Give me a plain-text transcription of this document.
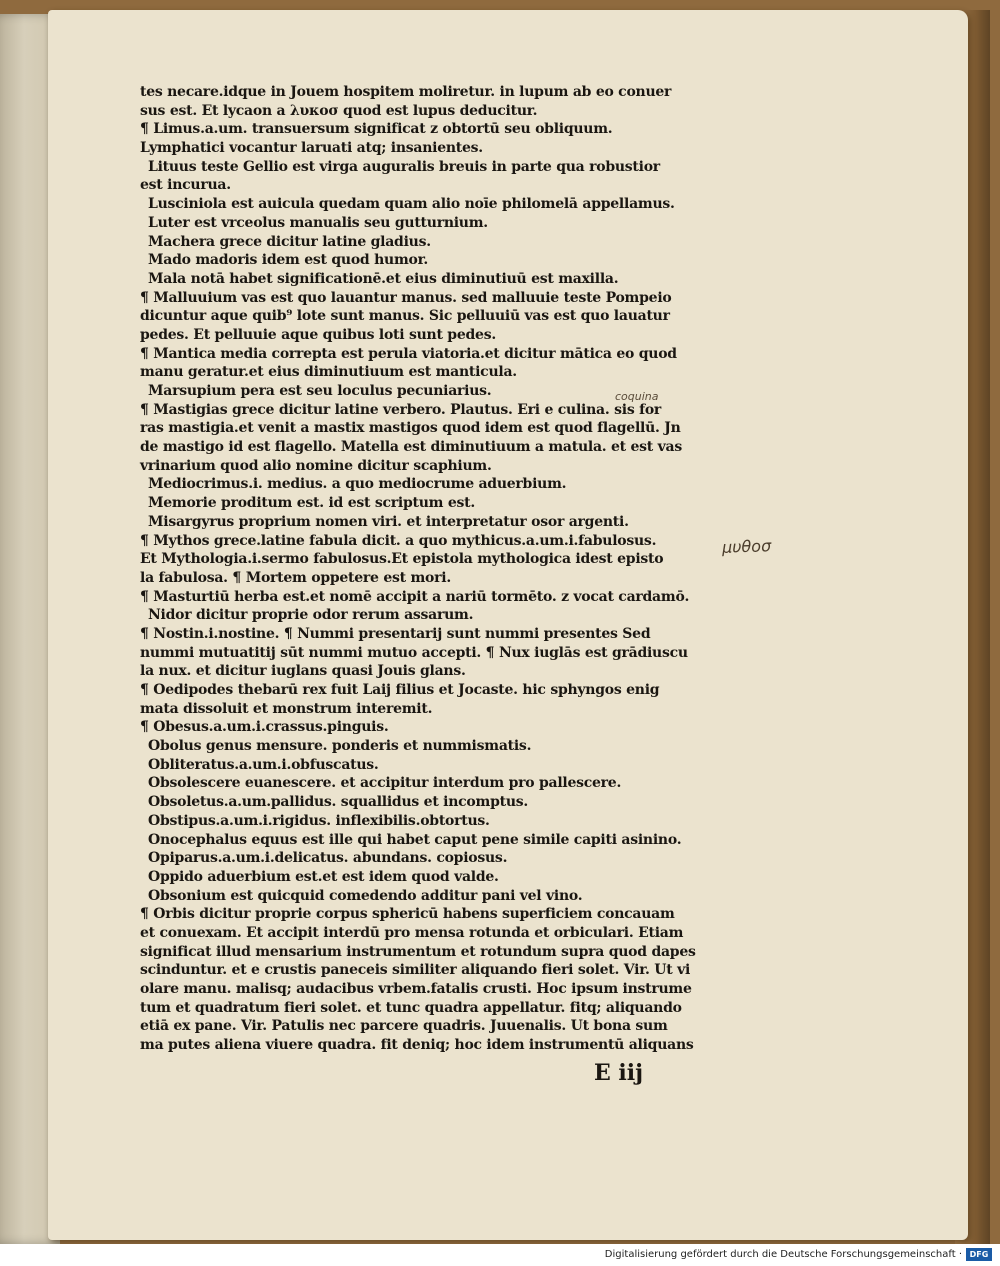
tes necare.idque in Jouem hospitem moliretur. in lupum ab eo conuer
sus est. Et lycaon a λυκοσ quod est lupus deducitur.
¶ Limus.a.um. transuersum significat z obtortū seu obliquum.
Lymphatici vocantur laruati atq; insanientes.
Lituus teste Gellio est virga auguralis breuis in parte qua robustior
est incurua.
Lusciniola est auicula quedam quam alio noīe philomelā appellamus.
Luter est vrceolus manualis seu gutturnium.
Machera grece dicitur latine gladius.
Mado madoris idem est quod humor.
Mala notā habet significationē.et eius diminutiuū est maxilla.
¶ Malluuium vas est quo lauantur manus. sed malluuie teste Pompeio
dicuntur aque quib⁹ lote sunt manus. Sic pelluuiū vas est quo lauatur
pedes. Et pelluuie aque quibus loti sunt pedes.
¶ Mantica media correpta est perula viatoria.et dicitur mātica eo quod
manu geratur.et eius diminutiuum est manticula.
Marsupium pera est seu loculus pecuniarius.
¶ Mastigias grece dicitur latine verbero. Plautus. Eri e culina. sis for
ras mastigia.et venit a mastix mastigos quod idem est quod flagellū. Jn
de mastigo id est flagello. Matella est diminutiuum a matula. et est vas
vrinarium quod alio nomine dicitur scaphium.
Mediocrimus.i. medius. a quo mediocrume aduerbium.
Memorie proditum est. id est scriptum est.
Misargyrus proprium nomen viri. et interpretatur osor argenti.
¶ Mythos grece.latine fabula dicit. a quo mythicus.a.um.i.fabulosus.
Et Mythologia.i.sermo fabulosus.Et epistola mythologica idest episto
la fabulosa. ¶ Mortem oppetere est mori.
¶ Masturtiū herba est.et nomē accipit a nariū tormēto. z vocat cardamō.
Nidor dicitur proprie odor rerum assarum.
¶ Nostin.i.nostine. ¶ Nummi presentarij sunt nummi presentes Sed
nummi mutuatitij sūt nummi mutuo accepti. ¶ Nux iuglās est grādiuscu
la nux. et dicitur iuglans quasi Jouis glans.
¶ Oedipodes thebarū rex fuit Laij filius et Jocaste. hic sphyngos enig
mata dissoluit et monstrum interemit.
¶ Obesus.a.um.i.crassus.pinguis.
Obolus genus mensure. ponderis et nummismatis.
Obliteratus.a.um.i.obfuscatus.
Obsolescere euanescere. et accipitur interdum pro pallescere.
Obsoletus.a.um.pallidus. squallidus et incomptus.
Obstipus.a.um.i.rigidus. inflexibilis.obtortus.
Onocephalus equus est ille qui habet caput pene simile capiti asinino.
Opiparus.a.um.i.delicatus. abundans. copiosus.
Oppido aduerbium est.et est idem quod valde.
Obsonium est quicquid comedendo additur pani vel vino.
¶ Orbis dicitur proprie corpus sphericū habens superficiem concauam
et conuexam. Et accipit interdū pro mensa rotunda et orbiculari. Etiam
significat illud mensarium instrumentum et rotundum supra quod dapes
scinduntur. et e crustis paneceis similiter aliquando fieri solet. Vir. Ut vi
olare manu. malisq; audacibus vrbem.fatalis crusti. Hoc ipsum instrume
tum et quadratum fieri solet. et tunc quadra appellatur. fitq; aliquando
etiā ex pane. Vir. Patulis nec parcere quadris. Juuenalis. Ut bona sum
ma putes aliena viuere quadra. fit deniq; hoc idem instrumentū aliquans
coquina
μυθοσ
E iij
Digitalisierung gefördert durch die Deutsche Forschungsgemeinschaft · DFG
